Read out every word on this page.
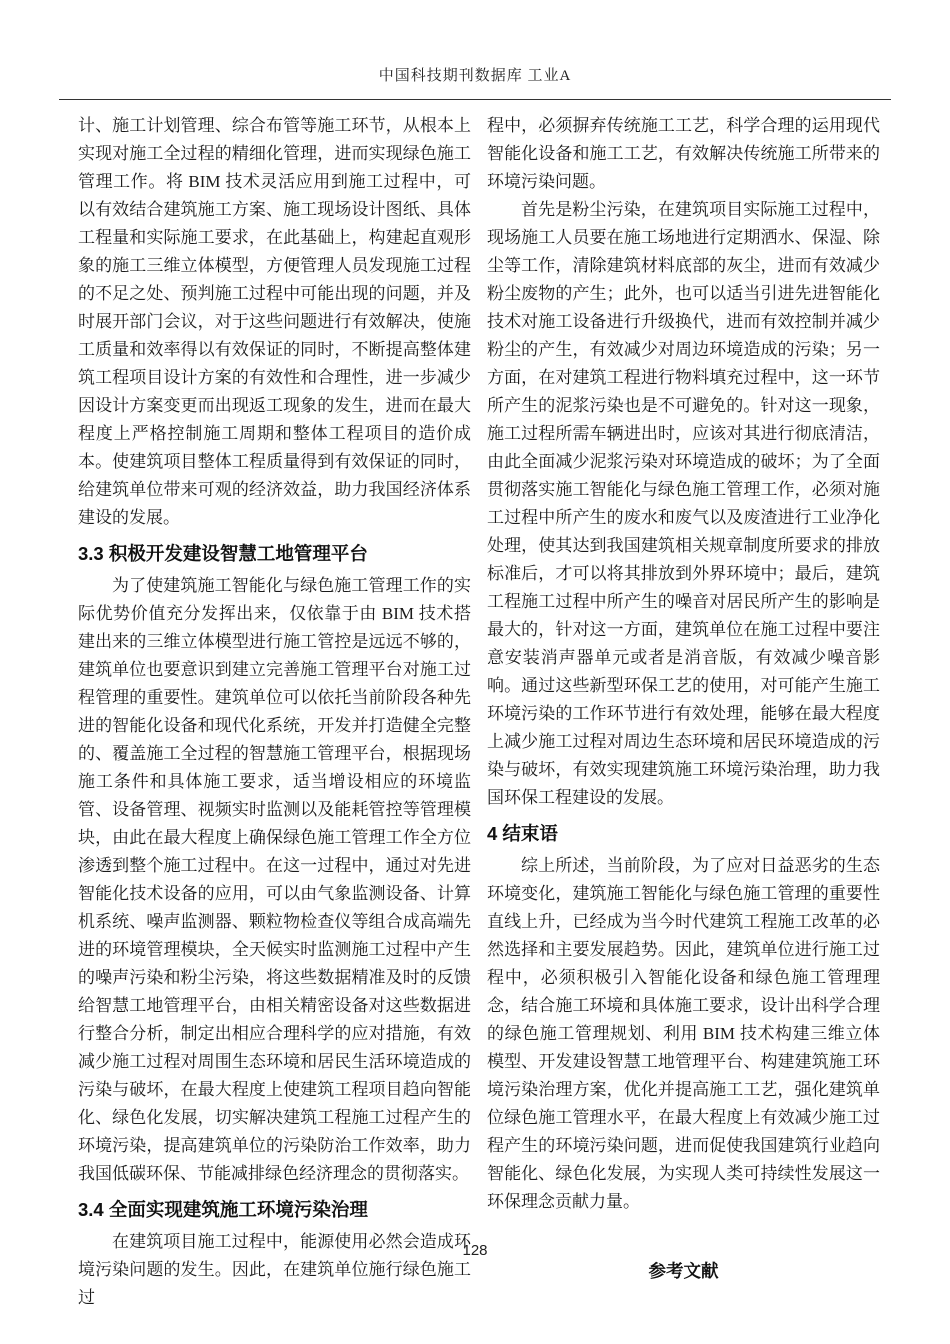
中国科技期刊数据库 工业A

计、施工计划管理、综合布管等施工环节，从根本上实现对施工全过程的精细化管理，进而实现绿色施工管理工作。将 BIM 技术灵活应用到施工过程中，可以有效结合建筑施工方案、施工现场设计图纸、具体工程量和实际施工要求，在此基础上，构建起直观形象的施工三维立体模型，方便管理人员发现施工过程的不足之处、预判施工过程中可能出现的问题，并及时展开部门会议，对于这些问题进行有效解决，使施工质量和效率得以有效保证的同时，不断提高整体建筑工程项目设计方案的有效性和合理性，进一步减少因设计方案变更而出现返工现象的发生，进而在最大程度上严格控制施工周期和整体工程项目的造价成本。使建筑项目整体工程质量得到有效保证的同时，给建筑单位带来可观的经济效益，助力我国经济体系建设的发展。

3.3 积极开发建设智慧工地管理平台

为了使建筑施工智能化与绿色施工管理工作的实际优势价值充分发挥出来，仅依靠于由 BIM 技术搭建出来的三维立体模型进行施工管控是远远不够的，建筑单位也要意识到建立完善施工管理平台对施工过程管理的重要性。建筑单位可以依托当前阶段各种先进的智能化设备和现代化系统，开发并打造健全完整的、覆盖施工全过程的智慧施工管理平台，根据现场施工条件和具体施工要求，适当增设相应的环境监管、设备管理、视频实时监测以及能耗管控等管理模块，由此在最大程度上确保绿色施工管理工作全方位渗透到整个施工过程中。在这一过程中，通过对先进智能化技术设备的应用，可以由气象监测设备、计算机系统、噪声监测器、颗粒物检查仪等组合成高端先进的环境管理模块，全天候实时监测施工过程中产生的噪声污染和粉尘污染，将这些数据精准及时的反馈给智慧工地管理平台，由相关精密设备对这些数据进行整合分析，制定出相应合理科学的应对措施，有效减少施工过程对周围生态环境和居民生活环境造成的污染与破坏，在最大程度上使建筑工程项目趋向智能化、绿色化发展，切实解决建筑工程施工过程产生的环境污染，提高建筑单位的污染防治工作效率，助力我国低碳环保、节能减排绿色经济理念的贯彻落实。

3.4 全面实现建筑施工环境污染治理

在建筑项目施工过程中，能源使用必然会造成环境污染问题的发生。因此，在建筑单位施行绿色施工过

程中，必须摒弃传统施工工艺，科学合理的运用现代智能化设备和施工工艺，有效解决传统施工所带来的环境污染问题。

首先是粉尘污染，在建筑项目实际施工过程中，现场施工人员要在施工场地进行定期洒水、保湿、除尘等工作，清除建筑材料底部的灰尘，进而有效减少粉尘废物的产生；此外，也可以适当引进先进智能化技术对施工设备进行升级换代，进而有效控制并减少粉尘的产生，有效减少对周边环境造成的污染；另一方面，在对建筑工程进行物料填充过程中，这一环节所产生的泥浆污染也是不可避免的。针对这一现象，施工过程所需车辆进出时，应该对其进行彻底清洁，由此全面减少泥浆污染对环境造成的破坏；为了全面贯彻落实施工智能化与绿色施工管理工作，必须对施工过程中所产生的废水和废气以及废渣进行工业净化处理，使其达到我国建筑相关规章制度所要求的排放标准后，才可以将其排放到外界环境中；最后，建筑工程施工过程中所产生的噪音对居民所产生的影响是最大的，针对这一方面，建筑单位在施工过程中要注意安装消声器单元或者是消音版，有效减少噪音影响。通过这些新型环保工艺的使用，对可能产生施工环境污染的工作环节进行有效处理，能够在最大程度上减少施工过程对周边生态环境和居民环境造成的污染与破坏，有效实现建筑施工环境污染治理，助力我国环保工程建设的发展。

4 结束语

综上所述，当前阶段，为了应对日益恶劣的生态环境变化，建筑施工智能化与绿色施工管理的重要性直线上升，已经成为当今时代建筑工程施工改革的必然选择和主要发展趋势。因此，建筑单位进行施工过程中，必须积极引入智能化设备和绿色施工管理理念，结合施工环境和具体施工要求，设计出科学合理的绿色施工管理规划、利用 BIM 技术构建三维立体模型、开发建设智慧工地管理平台、构建建筑施工环境污染治理方案，优化并提高施工工艺，强化建筑单位绿色施工管理水平，在最大程度上有效减少施工过程产生的环境污染问题，进而促使我国建筑行业趋向智能化、绿色化发展，为实现人类可持续性发展这一环保理念贡献力量。

参考文献
128
